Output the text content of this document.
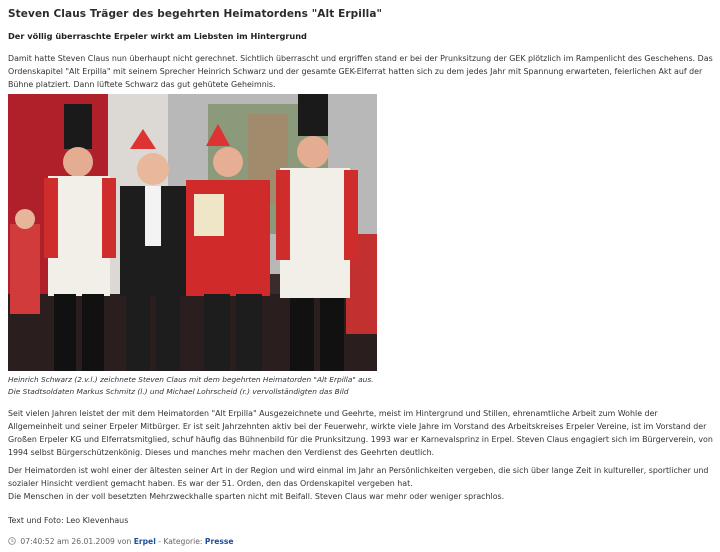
Steven Claus Träger des begehrten Heimatordens "Alt Erpilla"
Der völlig überraschte Erpeler wirkt am Liebsten im Hintergrund

Damit hatte Steven Claus nun überhaupt nicht gerechnet. Sichtlich überrascht und ergriffen stand er bei der Prunksitzung der GEK plötzlich im Rampenlicht des Geschehens. Das Ordenskapitel "Alt Erpilla" mit seinem Sprecher Heinrich Schwarz und der gesamte GEK-Elferrat hatten sich zu dem jedes Jahr mit Spannung erwarteten, feierlichen Akt auf der Bühne platziert. Dann lüftete Schwarz das gut gehütete Geheimnis.

Heinrich Schwarz (2.v.l.) zeichnete Steven Claus mit dem begehrten Heimatorden "Alt Erpilla" aus.
Die Stadtsoldaten Markus Schmitz (l.) und Michael Lohrscheid (r.) vervollständigten das Bild

Seit vielen Jahren leistet der mit dem Heimatorden "Alt Erpilla" Ausgezeichnete und Geehrte, meist im Hintergrund und Stillen, ehrenamtliche Arbeit zum Wohle der Allgemeinheit und seiner Erpeler Mitbürger. Er ist seit Jahrzehnten aktiv bei der Feuerwehr, wirkte viele Jahre im Vorstand des Arbeitskreises Erpeler Vereine, ist im Vorstand der Großen Erpeler KG und Elferratsmitglied, schuf häufig das Bühnenbild für die Prunksitzung. 1993 war er Karnevalsprinz in Erpel. Steven Claus engagiert sich im Bürgerverein, von 1994 selbst Bürgerschützenkönig. Dieses und manches mehr machen den Verdienst des Geehrten deutlich.

Der Heimatorden ist wohl einer der ältesten seiner Art in der Region und wird einmal im Jahr an Persönlichkeiten vergeben, die sich über lange Zeit in kultureller, sportlicher und sozialer Hinsicht verdient gemacht haben. Es war der 51. Orden, den das Ordenskapitel vergeben hat.
Die Menschen in der voll besetzten Mehrzweckhalle sparten nicht mit Beifall. Steven Claus war mehr oder weniger sprachlos.

Text und Foto: Leo Klevenhaus

07:40:52 am 26.01.2009 von Erpel - Kategorie: Presse
